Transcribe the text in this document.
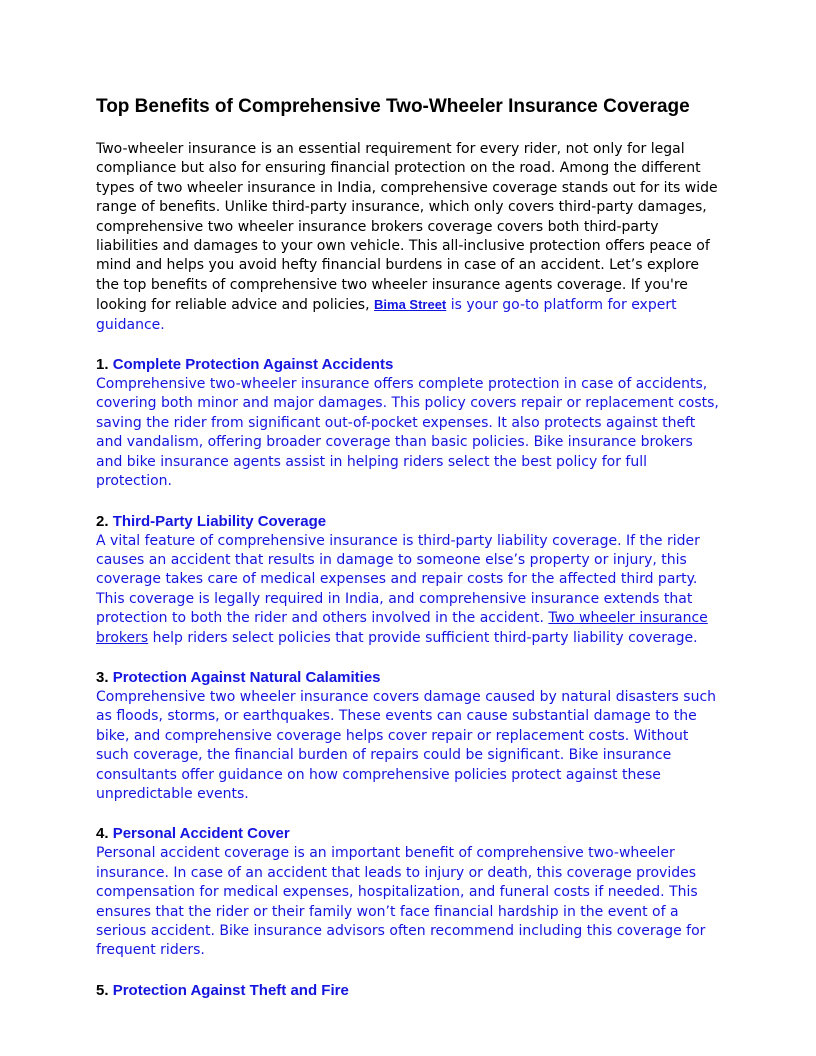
Top Benefits of Comprehensive Two-Wheeler Insurance Coverage

Two-wheeler insurance is an essential requirement for every rider, not only for legal compliance but also for ensuring financial protection on the road. Among the different types of two wheeler insurance in India, comprehensive coverage stands out for its wide range of benefits. Unlike third-party insurance, which only covers third-party damages, comprehensive two wheeler insurance brokers coverage covers both third-party liabilities and damages to your own vehicle. This all-inclusive protection offers peace of mind and helps you avoid hefty financial burdens in case of an accident. Let’s explore the top benefits of comprehensive two wheeler insurance agents coverage. If you're looking for reliable advice and policies, Bima Street is your go-to platform for expert guidance.

1. Complete Protection Against Accidents

Comprehensive two-wheeler insurance offers complete protection in case of accidents, covering both minor and major damages. This policy covers repair or replacement costs, saving the rider from significant out-of-pocket expenses. It also protects against theft and vandalism, offering broader coverage than basic policies. Bike insurance brokers and bike insurance agents assist in helping riders select the best policy for full protection.

2. Third-Party Liability Coverage

A vital feature of comprehensive insurance is third-party liability coverage. If the rider causes an accident that results in damage to someone else’s property or injury, this coverage takes care of medical expenses and repair costs for the affected third party. This coverage is legally required in India, and comprehensive insurance extends that protection to both the rider and others involved in the accident. Two wheeler insurance brokers help riders select policies that provide sufficient third-party liability coverage.

3. Protection Against Natural Calamities

Comprehensive two wheeler insurance covers damage caused by natural disasters such as floods, storms, or earthquakes. These events can cause substantial damage to the bike, and comprehensive coverage helps cover repair or replacement costs. Without such coverage, the financial burden of repairs could be significant. Bike insurance consultants offer guidance on how comprehensive policies protect against these unpredictable events.

4. Personal Accident Cover

Personal accident coverage is an important benefit of comprehensive two-wheeler insurance. In case of an accident that leads to injury or death, this coverage provides compensation for medical expenses, hospitalization, and funeral costs if needed. This ensures that the rider or their family won’t face financial hardship in the event of a serious accident. Bike insurance advisors often recommend including this coverage for frequent riders.

5. Protection Against Theft and Fire
